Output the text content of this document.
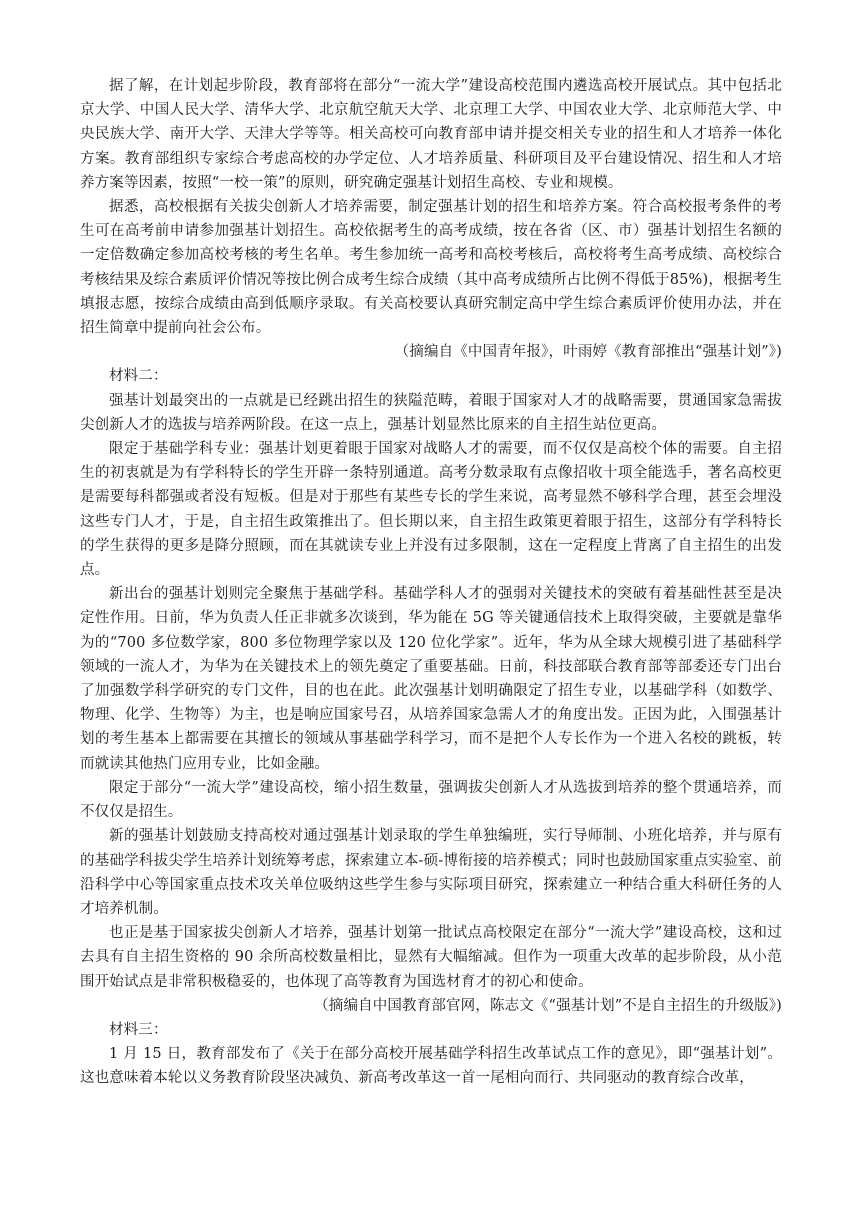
据了解，在计划起步阶段，教育部将在部分“一流大学”建设高校范围内遴选高校开展试点。其中包括北京大学、中国人民大学、清华大学、北京航空航天大学、北京理工大学、中国农业大学、北京师范大学、中央民族大学、南开大学、天津大学等等。相关高校可向教育部申请并提交相关专业的招生和人才培养一体化方案。教育部组织专家综合考虑高校的办学定位、人才培养质量、科研项目及平台建设情况、招生和人才培养方案等因素，按照“一校一策”的原则，研究确定强基计划招生高校、专业和规模。

据悉，高校根据有关拔尖创新人才培养需要，制定强基计划的招生和培养方案。符合高校报考条件的考生可在高考前申请参加强基计划招生。高校依据考生的高考成绩，按在各省（区、市）强基计划招生名额的一定倍数确定参加高校考核的考生名单。考生参加统一高考和高校考核后，高校将考生高考成绩、高校综合考核结果及综合素质评价情况等按比例合成考生综合成绩（其中高考成绩所占比例不得低于85%)，根据考生填报志愿，按综合成绩由高到低顺序录取。有关高校要认真研究制定高中学生综合素质评价使用办法，并在招生简章中提前向社会公布。

（摘编自《中国青年报》，叶雨婷《教育部推出“强基计划”》)

材料二：

强基计划最突出的一点就是已经跳出招生的狭隘范畴，着眼于国家对人才的战略需要，贯通国家急需拔尖创新人才的选拔与培养两阶段。在这一点上，强基计划显然比原来的自主招生站位更高。

限定于基础学科专业：强基计划更着眼于国家对战略人才的需要，而不仅仅是高校个体的需要。自主招生的初衷就是为有学科特长的学生开辟一条特别通道。高考分数录取有点像招收十项全能选手，著名高校更是需要每科都强或者没有短板。但是对于那些有某些专长的学生来说，高考显然不够科学合理，甚至会埋没这些专门人才，于是，自主招生政策推出了。但长期以来，自主招生政策更着眼于招生，这部分有学科特长的学生获得的更多是降分照顾，而在其就读专业上并没有过多限制，这在一定程度上背离了自主招生的出发点。

新出台的强基计划则完全聚焦于基础学科。基础学科人才的强弱对关键技术的突破有着基础性甚至是决定性作用。日前，华为负责人任正非就多次谈到，华为能在 5G 等关键通信技术上取得突破，主要就是靠华为的“700 多位数学家，800 多位物理学家以及 120 位化学家”。近年，华为从全球大规模引进了基础科学领域的一流人才，为华为在关键技术上的领先奠定了重要基础。日前，科技部联合教育部等部委还专门出台了加强数学科学研究的专门文件，目的也在此。此次强基计划明确限定了招生专业，以基础学科（如数学、物理、化学、生物等）为主，也是响应国家号召，从培养国家急需人才的角度出发。正因为此，入围强基计划的考生基本上都需要在其擅长的领域从事基础学科学习，而不是把个人专长作为一个进入名校的跳板，转而就读其他热门应用专业，比如金融。

限定于部分“一流大学”建设高校，缩小招生数量，强调拔尖创新人才从选拔到培养的整个贯通培养，而不仅仅是招生。

新的强基计划鼓励支持高校对通过强基计划录取的学生单独编班，实行导师制、小班化培养，并与原有的基础学科拔尖学生培养计划统筹考虑，探索建立本-硕-博衔接的培养模式；同时也鼓励国家重点实验室、前沿科学中心等国家重点技术攻关单位吸纳这些学生参与实际项目研究，探索建立一种结合重大科研任务的人才培养机制。

也正是基于国家拔尖创新人才培养，强基计划第一批试点高校限定在部分“一流大学”建设高校，这和过去具有自主招生资格的 90 余所高校数量相比，显然有大幅缩减。但作为一项重大改革的起步阶段，从小范围开始试点是非常积极稳妥的，也体现了高等教育为国选材育才的初心和使命。

（摘编自中国教育部官网，陈志文《“强基计划”不是自主招生的升级版》)

材料三：

1 月 15 日，教育部发布了《关于在部分高校开展基础学科招生改革试点工作的意见》，即“强基计划”。这也意味着本轮以义务教育阶段坚决减负、新高考改革这一首一尾相向而行、共同驱动的教育综合改革，
